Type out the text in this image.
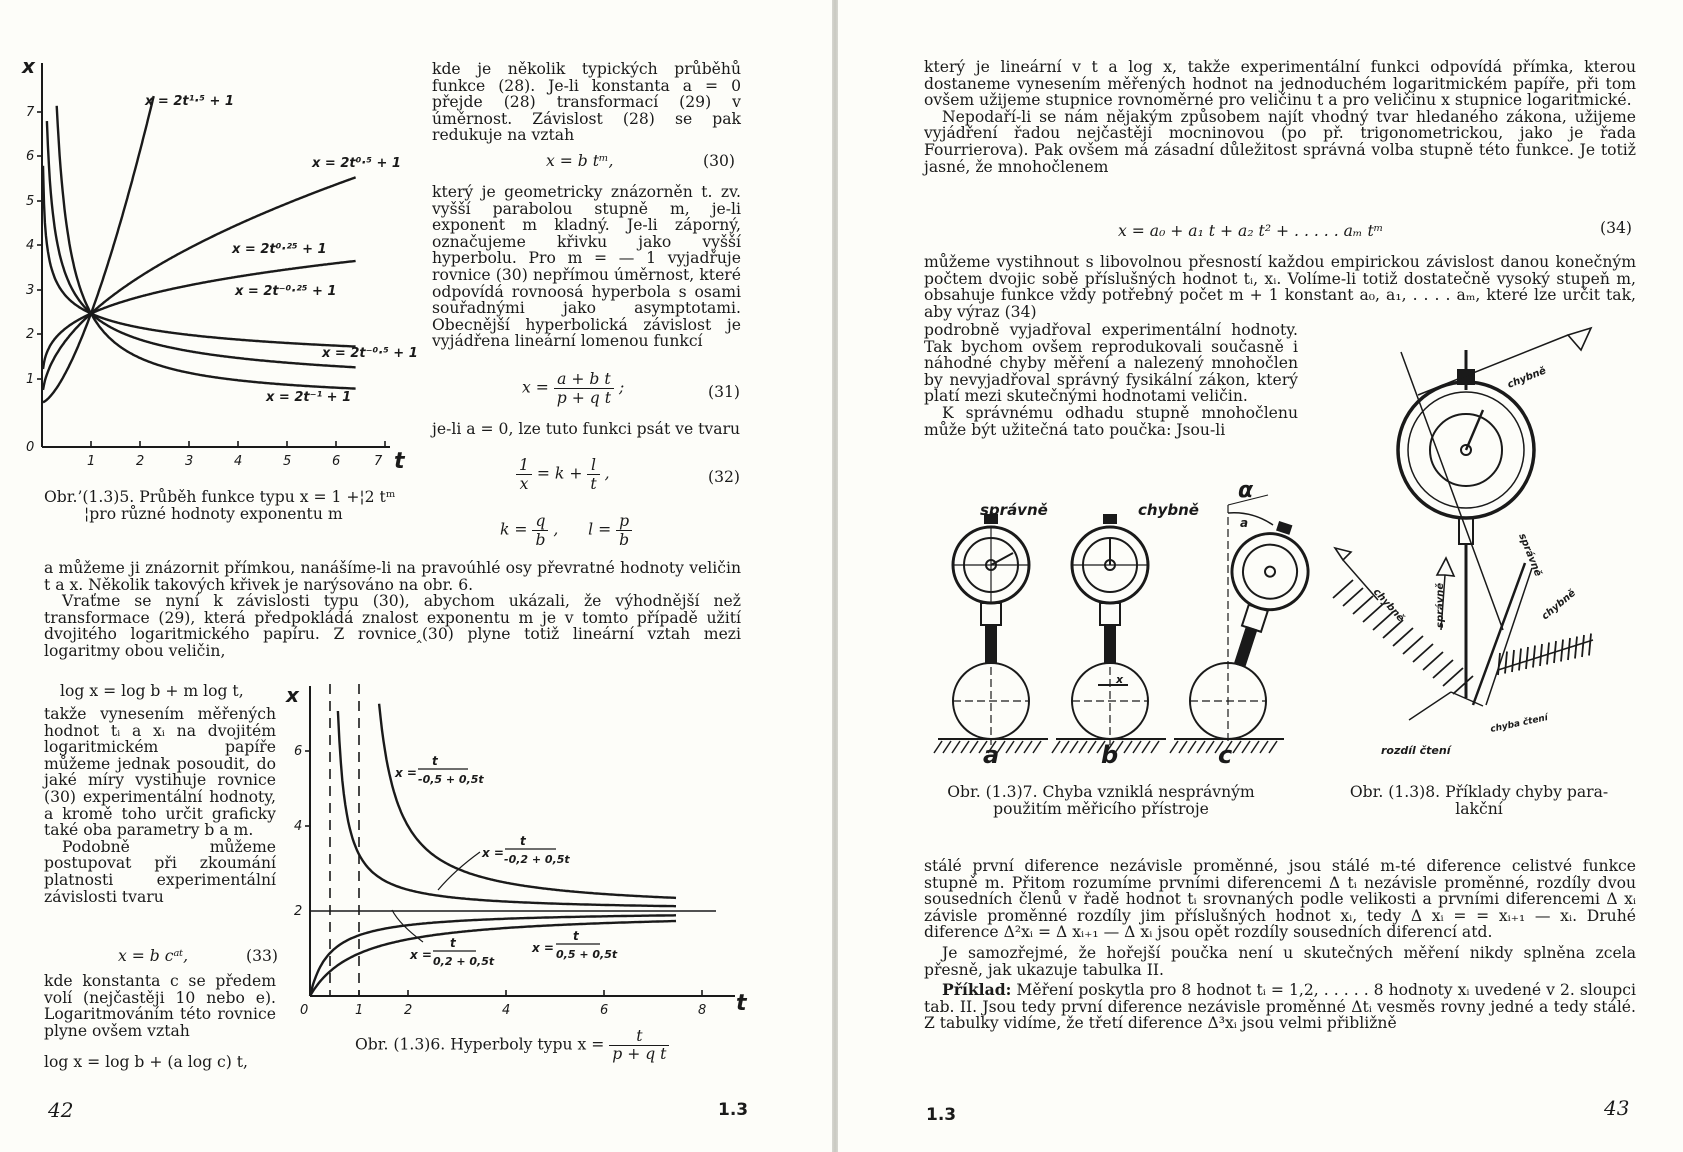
7
6
5
4
3
2
1
0
1	2	3	4	5	6	7
x
t
x = 2t¹·⁵ + 1
x = 2t⁰·⁵ + 1
x = 2t⁰·²⁵ + 1
x = 2t⁻⁰·²⁵ + 1
x = 2t⁻⁰·⁵ + 1
x = 2t⁻¹ + 1
Obr.’(1.3)5. Průběh funkce typu x = 1 +¦2 tᵐ
¦pro různé hodnoty exponentu m
kde je několik typických průběhů funkce (28). Je-li konstanta a = 0 přejde (28) transformací (29) v úměrnost. Závislost (28) se pak redukuje na vztah
x = b tᵐ,	(30)
který je geometricky znázorněn t. zv. vyšší parabolou stupně m, je-li exponent m kladný. Je-li záporný, označujeme křivku jako vyšší hyperbolu. Pro m = — 1 vyjadřuje rovnice (30) nepřímou úměrnost, které odpovídá rovnoosá hyperbola s osami souřadnými jako asymptotami. Obecnější hyperbolická závislost je vyjádřena lineární lomenou funkcí
$x = \frac{\text{a + b t}}{\text{p + q t}}$ ;	(31)
je-li a = 0, lze tuto funkci psát ve tvaru
$\frac{1}{x} = k + \frac{l}{t}$ ,	(32)
$k = \frac{q}{b}$ ,      $l = \frac{p}{b}$

a můžeme ji znázornit přímkou, nanášíme-li na pravoúhlé osy převratné hodnoty veličin t a x. Několik takových křivek je narýsováno na obr. 6.

Vraťme se nyní k závislosti typu (30), abychom ukázali, že výhodnější než transformace (29), která předpokládá znalost exponentu m je v tomto případě užití dvojitého logaritmického papíru. Z rovnice‸(30) plyne totiž lineární vztah mezi logaritmy obou veličin,

log x = log b + m log t,

takže vynesením měřených hodnot tᵢ a xᵢ na dvojitém logaritmickém papíře můžeme jednak posoudit, do jaké míry vystihuje rovnice (30) experimentální hodnoty, a kromě toho určit graficky také oba parametry b a m.

Podobně můžeme postupovat při zkoumání platnosti experimentální závislosti tvaru

x = b cᵃᵗ,	(33)
kde konstanta c se předem volí (nejčastěji 10 nebo e). Logaritmováním této rovnice plyne ovšem vztah
log x = log b + (a log c) t,
6
4
2
0	1	2	4	6	8
x
t
x =
t
-0,5 + 0,5t
x =
t
-0,2 + 0,5t
x =
t
0,2 + 0,5t
x =
t
0,5 + 0,5t
Obr. (1.3)6. Hyperboly typu $x = \frac{t}{\text{p + q t}}$
42	1.3

který je lineární v t a log x, takže experimentální funkci odpovídá přímka, kterou dostaneme vynesením měřených hodnot na jednoduchém logaritmickém papíře, při tom ovšem užijeme stupnice rovnoměrné pro veličinu t a pro veličinu x stupnice logaritmické.

Nepodaří-li se nám nějakým způsobem najít vhodný tvar hledaného zákona, užijeme vyjádření řadou nejčastěji mocninovou (po př. trigonometrickou, jako je řada Fourrierova). Pak ovšem má zásadní důležitost správná volba stupně této funkce. Je totiž jasné, že mnohočlenem

x = a₀ + a₁ t + a₂ t² + . . . . . aₘ tᵐ	(34)
můžeme vystihnout s libovolnou přesností každou empirickou závislost danou konečným počtem dvojic sobě příslušných hodnot tᵢ, xᵢ. Volíme-li totiž dostatečně vysoký stupeň m, obsahuje funkce vždy potřebný počet m + 1 konstant a₀, a₁, . . . . aₘ, které lze určit tak, aby výraz (34)

podrobně vyjadřoval experimentální hodnoty. Tak bychom ovšem reprodukovali současně i náhodné chyby měření a nalezený mnohočlen by nevyjadřoval správný fysikální zákon, který platí mezi skutečnými hodnotami veličin.

K správnému odhadu stupně mnohočlenu může být užitečná tato poučka: Jsou-li

správně	chybně
α
a
x
a	b	c
Obr. (1.3)7. Chyba vzniklá nesprávným
použitím měřicího přístroje
chybně
správně
chybně	správně	chybně
chyba čtení
rozdíl čtení
Obr. (1.3)8. Příklady chyby para-
lakční

stálé první diference nezávisle proměnné, jsou stálé m-té diference celistvé funkce stupně m. Přitom rozumíme prvními diferencemi Δ tᵢ nezávisle proměnné, rozdíly dvou sousedních členů v řadě hodnot tᵢ srovnaných podle velikosti a prvními diferencemi Δ xᵢ závisle proměnné rozdíly jim příslušných hodnot xᵢ, tedy Δ xᵢ = = xᵢ₊₁ — xᵢ. Druhé diference Δ²xᵢ = Δ xᵢ₊₁ — Δ xᵢ jsou opět rozdíly sousedních diferencí atd.

Je samozřejmé, že hořejší poučka není u skutečných měření nikdy splněna zcela přesně, jak ukazuje tabulka II.

Příklad: Měření poskytla pro 8 hodnot tᵢ = 1,2, . . . . . 8 hodnoty xᵢ uvedené v 2. sloupci tab. II. Jsou tedy první diference nezávisle proměnné Δtᵢ vesměs rovny jedné a tedy stálé. Z tabulky vidíme, že třetí diference Δ³xᵢ jsou velmi přibližně

1.3	43
